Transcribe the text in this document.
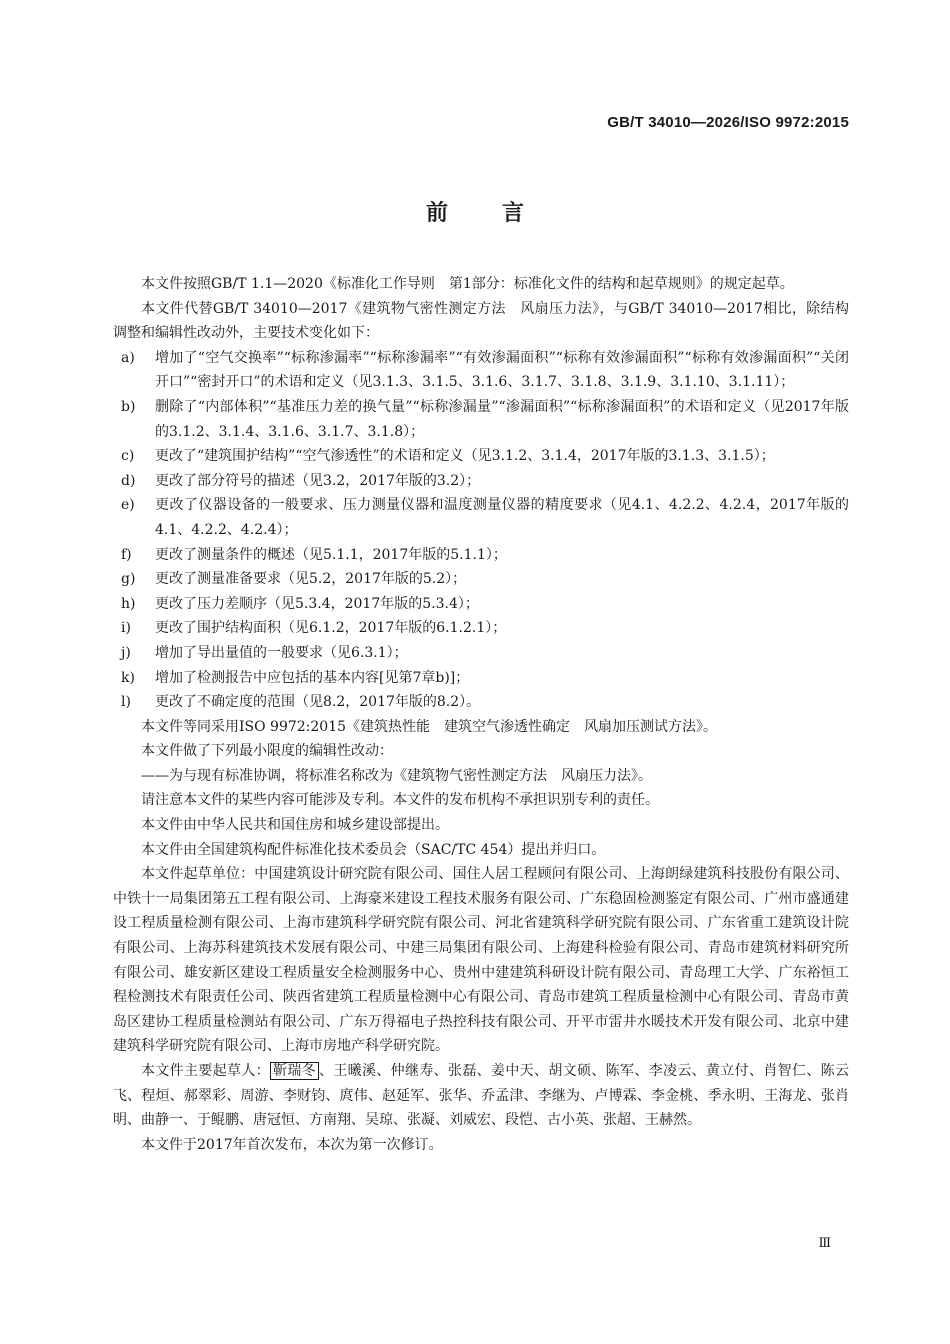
GB/T 34010—2026/ISO 9972:2015
前言

本文件按照GB/T 1.1—2020《标准化工作导则　第1部分：标准化文件的结构和起草规则》的规定起草。

本文件代替GB/T 34010—2017《建筑物气密性测定方法　风扇压力法》，与GB/T 34010—2017相比，除结构调整和编辑性改动外，主要技术变化如下：

a)	增加了“空气交换率”“标称渗漏率”“标称渗漏率”“有效渗漏面积”“标称有效渗漏面积”“标称有效渗漏面积”“关闭开口”“密封开口”的术语和定义（见3.1.3、3.1.5、3.1.6、3.1.7、3.1.8、3.1.9、3.1.10、3.1.11）；
b)	删除了“内部体积”“基准压力差的换气量”“标称渗漏量”“渗漏面积”“标称渗漏面积”的术语和定义（见2017年版的3.1.2、3.1.4、3.1.6、3.1.7、3.1.8）；
c)	更改了“建筑围护结构”“空气渗透性”的术语和定义（见3.1.2、3.1.4，2017年版的3.1.3、3.1.5）；
d)	更改了部分符号的描述（见3.2，2017年版的3.2）；
e)	更改了仪器设备的一般要求、压力测量仪器和温度测量仪器的精度要求（见4.1、4.2.2、4.2.4，2017年版的4.1、4.2.2、4.2.4）；
f)	更改了测量条件的概述（见5.1.1，2017年版的5.1.1）；
g)	更改了测量准备要求（见5.2，2017年版的5.2）；
h)	更改了压力差顺序（见5.3.4，2017年版的5.3.4）；
i)	更改了围护结构面积（见6.1.2，2017年版的6.1.2.1）；
j)	增加了导出量值的一般要求（见6.3.1）；
k)	增加了检测报告中应包括的基本内容[见第7章b)]；
l)	更改了不确定度的范围（见8.2，2017年版的8.2）。

本文件等同采用ISO 9972:2015《建筑热性能　建筑空气渗透性确定　风扇加压测试方法》。

本文件做了下列最小限度的编辑性改动：

——为与现有标准协调，将标准名称改为《建筑物气密性测定方法　风扇压力法》。

请注意本文件的某些内容可能涉及专利。本文件的发布机构不承担识别专利的责任。

本文件由中华人民共和国住房和城乡建设部提出。

本文件由全国建筑构配件标准化技术委员会（SAC/TC 454）提出并归口。

本文件起草单位：中国建筑设计研究院有限公司、国住人居工程顾问有限公司、上海朗绿建筑科技股份有限公司、中铁十一局集团第五工程有限公司、上海豪米建设工程技术服务有限公司、广东稳固检测鉴定有限公司、广州市盛通建设工程质量检测有限公司、上海市建筑科学研究院有限公司、河北省建筑科学研究院有限公司、广东省重工建筑设计院有限公司、上海苏科建筑技术发展有限公司、中建三局集团有限公司、上海建科检验有限公司、青岛市建筑材料研究所有限公司、雄安新区建设工程质量安全检测服务中心、贵州中建建筑科研设计院有限公司、青岛理工大学、广东裕恒工程检测技术有限责任公司、陕西省建筑工程质量检测中心有限公司、青岛市建筑工程质量检测中心有限公司、青岛市黄岛区建协工程质量检测站有限公司、广东万得福电子热控科技有限公司、开平市雷井水暖技术开发有限公司、北京中建建筑科学研究院有限公司、上海市房地产科学研究院。

本文件主要起草人： 靳瑞冬 、王曦溪、仲继寿、张磊、姜中天、胡文硕、陈军、李凌云、黄立付、肖智仁、陈云飞、程烜、郝翠彩、周游、李财钧、庹伟、赵延军、张华、乔孟津、李继为、卢博霖、李金桃、季永明、王海龙、张肖明、曲静一、于鲲鹏、唐冠恒、方南翔、吴琼、张凝、刘威宏、段恺、古小英、张超、王赫然。

本文件于2017年首次发布，本次为第一次修订。

Ⅲ
